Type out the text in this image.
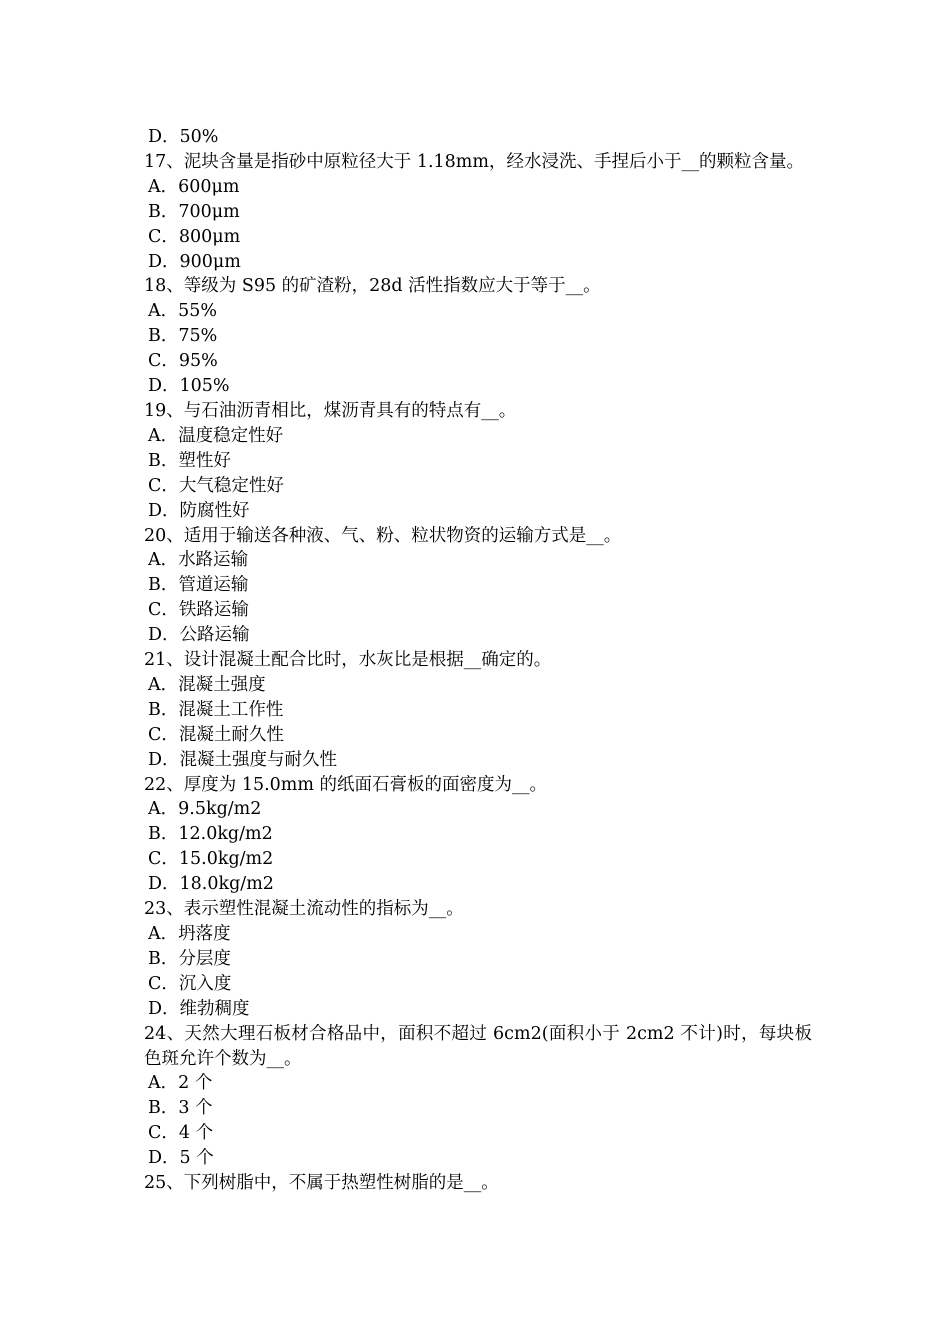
D．50%

17、泥块含量是指砂中原粒径大于 1.18mm，经水浸洗、手捏后小于__的颗粒含量。

A．600μm

B．700μm

C．800μm

D．900μm

18、等级为 S95 的矿渣粉，28d 活性指数应大于等于__。

A．55%

B．75%

C．95%

D．105%

19、与石油沥青相比，煤沥青具有的特点有__。

A．温度稳定性好

B．塑性好

C．大气稳定性好

D．防腐性好

20、适用于输送各种液、气、粉、粒状物资的运输方式是__。

A．水路运输

B．管道运输

C．铁路运输

D．公路运输

21、设计混凝土配合比时，水灰比是根据__确定的。

A．混凝土强度

B．混凝土工作性

C．混凝土耐久性

D．混凝土强度与耐久性

22、厚度为 15.0mm 的纸面石膏板的面密度为__。

A．9.5kg/m2

B．12.0kg/m2

C．15.0kg/m2

D．18.0kg/m2

23、表示塑性混凝土流动性的指标为__。

A．坍落度

B．分层度

C．沉入度

D．维勃稠度

24、天然大理石板材合格品中，面积不超过 6cm2(面积小于 2cm2 不计)时，每块板色斑允许个数为__。

A．2 个

B．3 个

C．4 个

D．5 个

25、下列树脂中，不属于热塑性树脂的是__。
